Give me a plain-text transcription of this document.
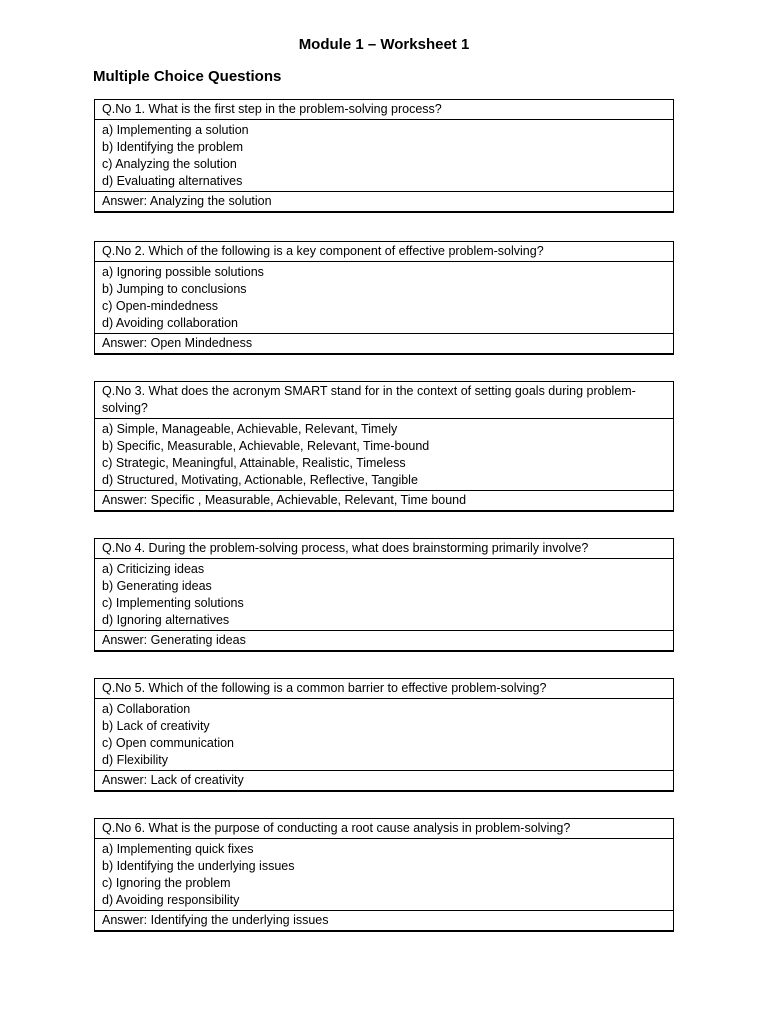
Module 1 – Worksheet 1
Multiple Choice Questions
Q.No 1. What is the first step in the problem-solving process?
a) Implementing a solution
b) Identifying the problem
c) Analyzing the solution
d) Evaluating alternatives
Answer: Analyzing the solution
Q.No 2. Which of the following is a key component of effective problem-solving?
a) Ignoring possible solutions
b) Jumping to conclusions
c) Open-mindedness
d) Avoiding collaboration
Answer: Open Mindedness
Q.No 3. What does the acronym SMART stand for in the context of setting goals during problem-solving?
a) Simple, Manageable, Achievable, Relevant, Timely
b) Specific, Measurable, Achievable, Relevant, Time-bound
c) Strategic, Meaningful, Attainable, Realistic, Timeless
d) Structured, Motivating, Actionable, Reflective, Tangible
Answer: Specific , Measurable, Achievable, Relevant, Time bound
Q.No 4. During the problem-solving process, what does brainstorming primarily involve?
a) Criticizing ideas
b) Generating ideas
c) Implementing solutions
d) Ignoring alternatives
Answer: Generating ideas
Q.No 5. Which of the following is a common barrier to effective problem-solving?
a) Collaboration
b) Lack of creativity
c) Open communication
d) Flexibility
Answer: Lack of creativity
Q.No 6. What is the purpose of conducting a root cause analysis in problem-solving?
a) Implementing quick fixes
b) Identifying the underlying issues
c) Ignoring the problem
d) Avoiding responsibility
Answer: Identifying the underlying issues
